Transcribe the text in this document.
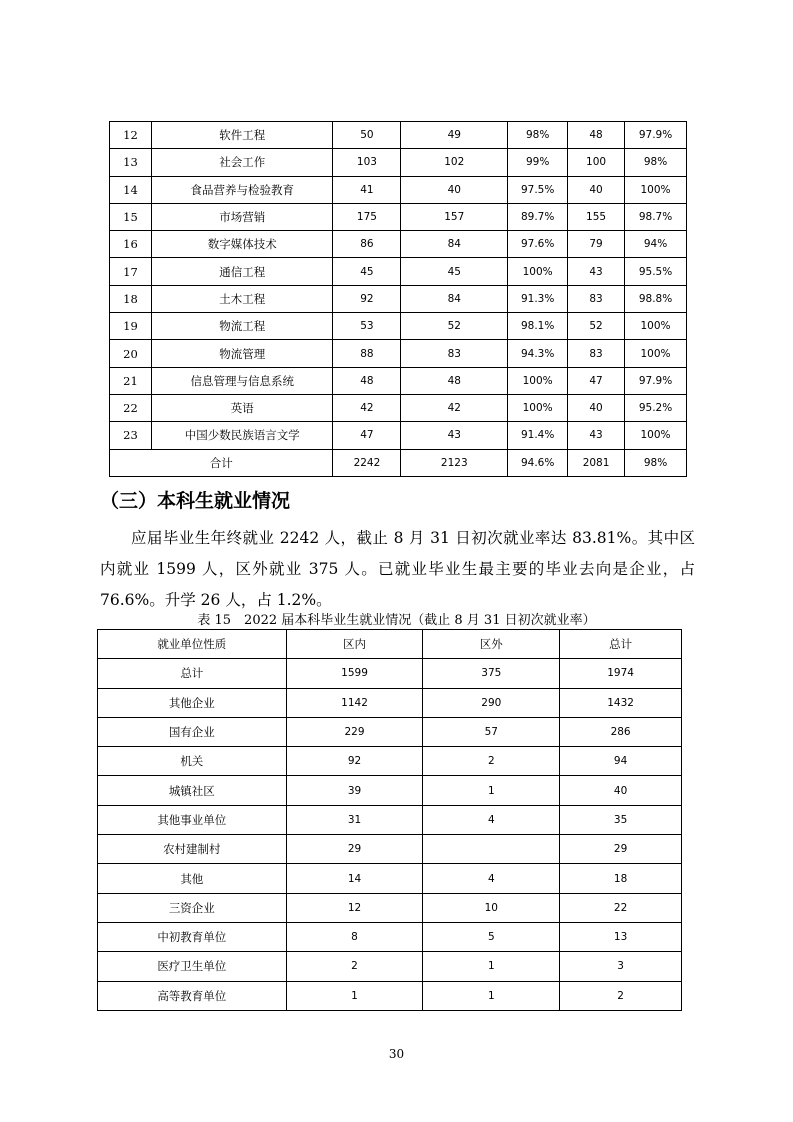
12	软件工程	50	49	98%	48	97.9%
13	社会工作	103	102	99%	100	98%
14	食品营养与检验教育	41	40	97.5%	40	100%
15	市场营销	175	157	89.7%	155	98.7%
16	数字媒体技术	86	84	97.6%	79	94%
17	通信工程	45	45	100%	43	95.5%
18	土木工程	92	84	91.3%	83	98.8%
19	物流工程	53	52	98.1%	52	100%
20	物流管理	88	83	94.3%	83	100%
21	信息管理与信息系统	48	48	100%	47	97.9%
22	英语	42	42	100%	40	95.2%
23	中国少数民族语言文学	47	43	91.4%	43	100%
合计		2242	2123	94.6%	2081	98%
（三）本科生就业情况

应届毕业生年终就业 2242 人，截止 8 月 31 日初次就业率达 83.81%。其中区内就业 1599 人，区外就业 375 人。已就业毕业生最主要的毕业去向是企业，占 76.6%。升学 26 人，占 1.2%。

表 15　2022 届本科毕业生就业情况（截止 8 月 31 日初次就业率）
就业单位性质	区内	区外	总计
总计	1599	375	1974
其他企业	1142	290	1432
国有企业	229	57	286
机关	92	2	94
城镇社区	39	1	40
其他事业单位	31	4	35
农村建制村	29		29
其他	14	4	18
三资企业	12	10	22
中初教育单位	8	5	13
医疗卫生单位	2	1	3
高等教育单位	1	1	2
30
